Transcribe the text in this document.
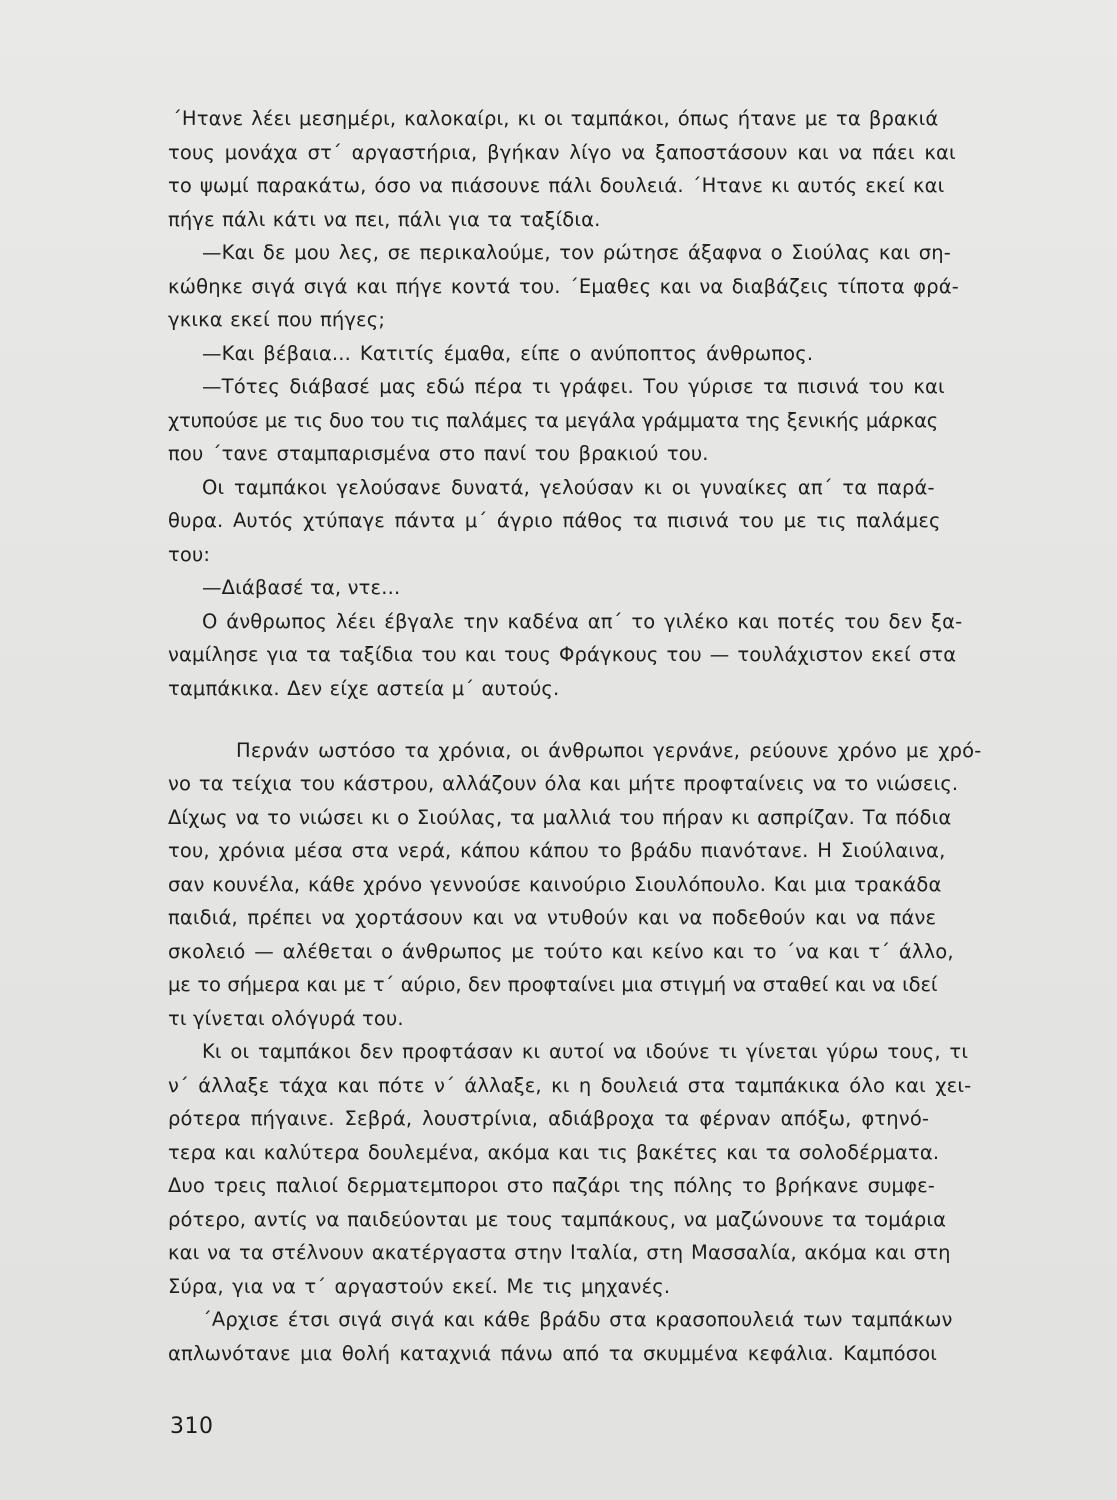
΄Ητανε λέει μεσημέρι, καλοκαίρι, κι οι ταμπάκοι, όπως ήτανε με τα βρακιά
τους μονάχα στ΄ αργαστήρια, βγήκαν λίγο να ξαποστάσουν και να πάει και
το ψωμί παρακάτω, όσο να πιάσουνε πάλι δουλειά. ΄Ητανε κι αυτός εκεί και
πήγε πάλι κάτι να πει, πάλι για τα ταξίδια.
—Και δε μου λες, σε περικαλούμε, τον ρώτησε άξαφνα ο Σιούλας και ση-
κώθηκε σιγά σιγά και πήγε κοντά του. ΄Εμαθες και να διαβάζεις τίποτα φρά-
γκικα εκεί που πήγες;
—Και βέβαια... Κατιτίς έμαθα, είπε ο ανύποπτος άνθρωπος.
—Τότες διάβασέ μας εδώ πέρα τι γράφει. Του γύρισε τα πισινά του και
χτυπούσε με τις δυο του τις παλάμες τα μεγάλα γράμματα της ξενικής μάρκας
που ΄τανε σταμπαρισμένα στο πανί του βρακιού του.
Οι ταμπάκοι γελούσανε δυνατά, γελούσαν κι οι γυναίκες απ΄ τα παρά-
θυρα. Αυτός χτύπαγε πάντα μ΄ άγριο πάθος τα πισινά του με τις παλάμες
του:
—Διάβασέ τα, ντε...
Ο άνθρωπος λέει έβγαλε την καδένα απ΄ το γιλέκο και ποτές του δεν ξα-
ναμίλησε για τα ταξίδια του και τους Φράγκους του — τουλάχιστον εκεί στα
ταμπάκικα. Δεν είχε αστεία μ΄ αυτούς.
Περνάν ωστόσο τα χρόνια, οι άνθρωποι γερνάνε, ρεύουνε χρόνο με χρό-
νο τα τείχια του κάστρου, αλλάζουν όλα και μήτε προφταίνεις να το νιώσεις.
Δίχως να το νιώσει κι ο Σιούλας, τα μαλλιά του πήραν κι ασπρίζαν. Τα πόδια
του, χρόνια μέσα στα νερά, κάπου κάπου το βράδυ πιανότανε. Η Σιούλαινα,
σαν κουνέλα, κάθε χρόνο γεννούσε καινούριο Σιουλόπουλο. Και μια τρακάδα
παιδιά, πρέπει να χορτάσουν και να ντυθούν και να ποδεθούν και να πάνε
σκολειό — αλέθεται ο άνθρωπος με τούτο και κείνο και το ΄να και τ΄ άλλο,
με το σήμερα και με τ΄ αύριο, δεν προφταίνει μια στιγμή να σταθεί και να ιδεί
τι γίνεται ολόγυρά του.
Κι οι ταμπάκοι δεν προφτάσαν κι αυτοί να ιδούνε τι γίνεται γύρω τους, τι
ν΄ άλλαξε τάχα και πότε ν΄ άλλαξε, κι η δουλειά στα ταμπάκικα όλο και χει-
ρότερα πήγαινε. Σεβρά, λουστρίνια, αδιάβροχα τα φέρναν απόξω, φτηνό-
τερα και καλύτερα δουλεμένα, ακόμα και τις βακέτες και τα σολοδέρματα.
Δυο τρεις παλιοί δερματεμποροι στο παζάρι της πόλης το βρήκανε συμφε-
ρότερο, αντίς να παιδεύονται με τους ταμπάκους, να μαζώνουνε τα τομάρια
και να τα στέλνουν ακατέργαστα στην Ιταλία, στη Μασσαλία, ακόμα και στη
Σύρα, για να τ΄ αργαστούν εκεί. Με τις μηχανές.
΄Αρχισε έτσι σιγά σιγά και κάθε βράδυ στα κρασοπουλειά των ταμπάκων
απλωνότανε μια θολή καταχνιά πάνω από τα σκυμμένα κεφάλια. Καμπόσοι
310
